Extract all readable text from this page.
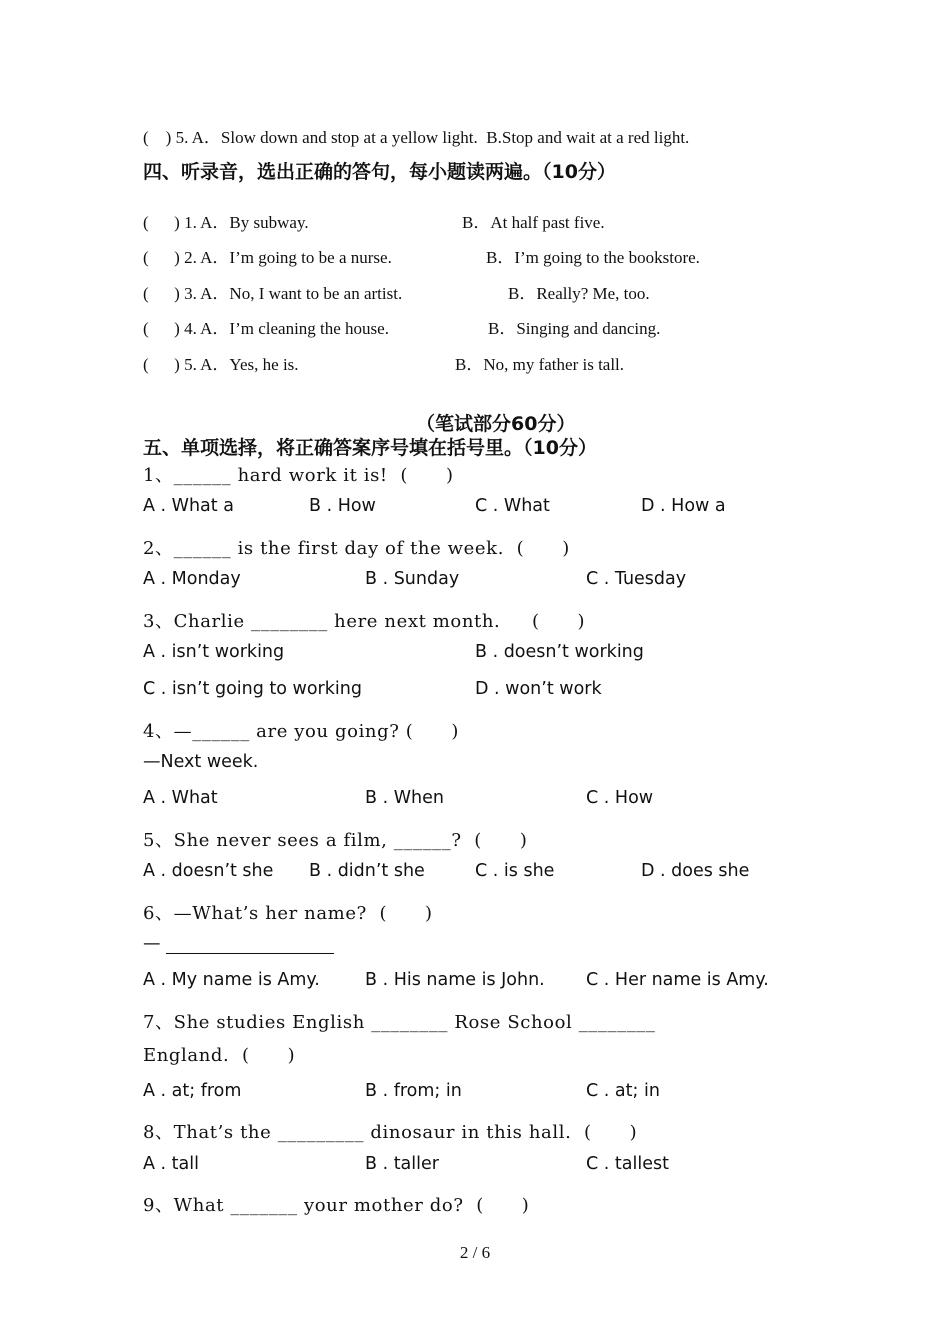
(    ) 5. A．Slow down and stop at a yellow light.  B.Stop and wait at a red light.
四、听录音，选出正确的答句，每小题读两遍。（10分）
(      ) 1. A．By subway.	B．At half past five.
(      ) 2. A．I’m going to be a nurse.	B．I’m going to the bookstore.
(      ) 3. A．No, I want to be an artist.	B．Really? Me, too.
(      ) 4. A．I’m cleaning the house.	B．Singing and dancing.
(      ) 5. A．Yes, he is.	B．No, my father is tall.
（笔试部分60分）
五、单项选择，将正确答案序号填在括号里。（10分）
1、______ hard work it is!  (      )
A . What a	B . How	C . What	D . How a
2、______ is the first day of the week.  (      )
A . Monday	B . Sunday	C . Tuesday
3、Charlie ________ here next month.     (      )
A . isn’t working	B . doesn’t working
C . isn’t going to working	D . won’t work
4、—______ are you going? (      )
—Next week.
A . What	B . When	C . How
5、She never sees a film, ______?  (      )
A . doesn’t she B . didn’t she	C . is she	D . does she
6、—What’s her name?  (      )
—
A . My name is Amy.	B . His name is John. C . Her name is Amy.
7、She studies English ________ Rose School ________
England.  (      )
A . at; from	B . from; in	C . at; in
8、That’s the _________ dinosaur in this hall.  (      )
A . tall	B . taller	C . tallest
9、What _______ your mother do?  (      )
2 / 6
